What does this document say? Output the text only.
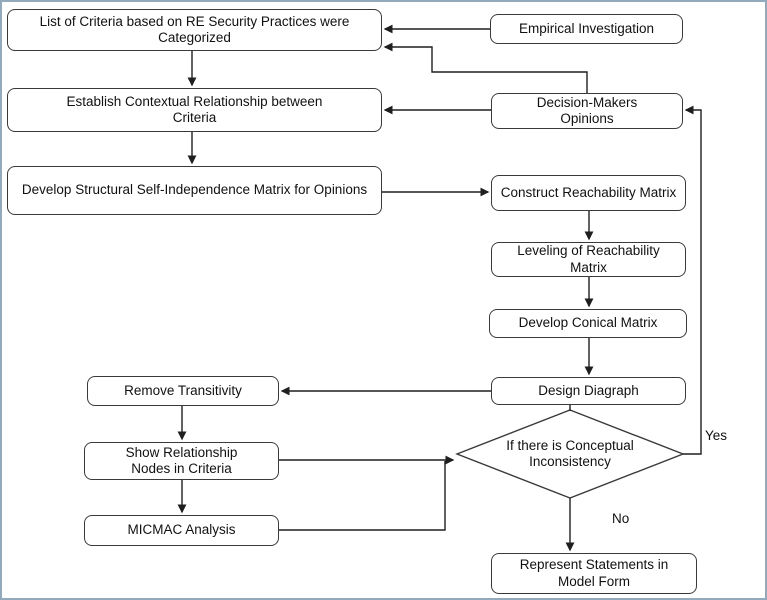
List of Criteria based on RE Security Practices were Categorized
Empirical Investigation
Establish Contextual Relationship between Criteria
Decision-Makers Opinions
Develop Structural Self-Independence Matrix for Opinions	Construct Reachability Matrix
Leveling of Reachability Matrix
Develop Conical Matrix
Design Diagraph
Remove Transitivity
Show Relationship Nodes in Criteria
MICMAC Analysis
If there is Conceptual Inconsistency
Represent Statements in Model Form
Yes
No
